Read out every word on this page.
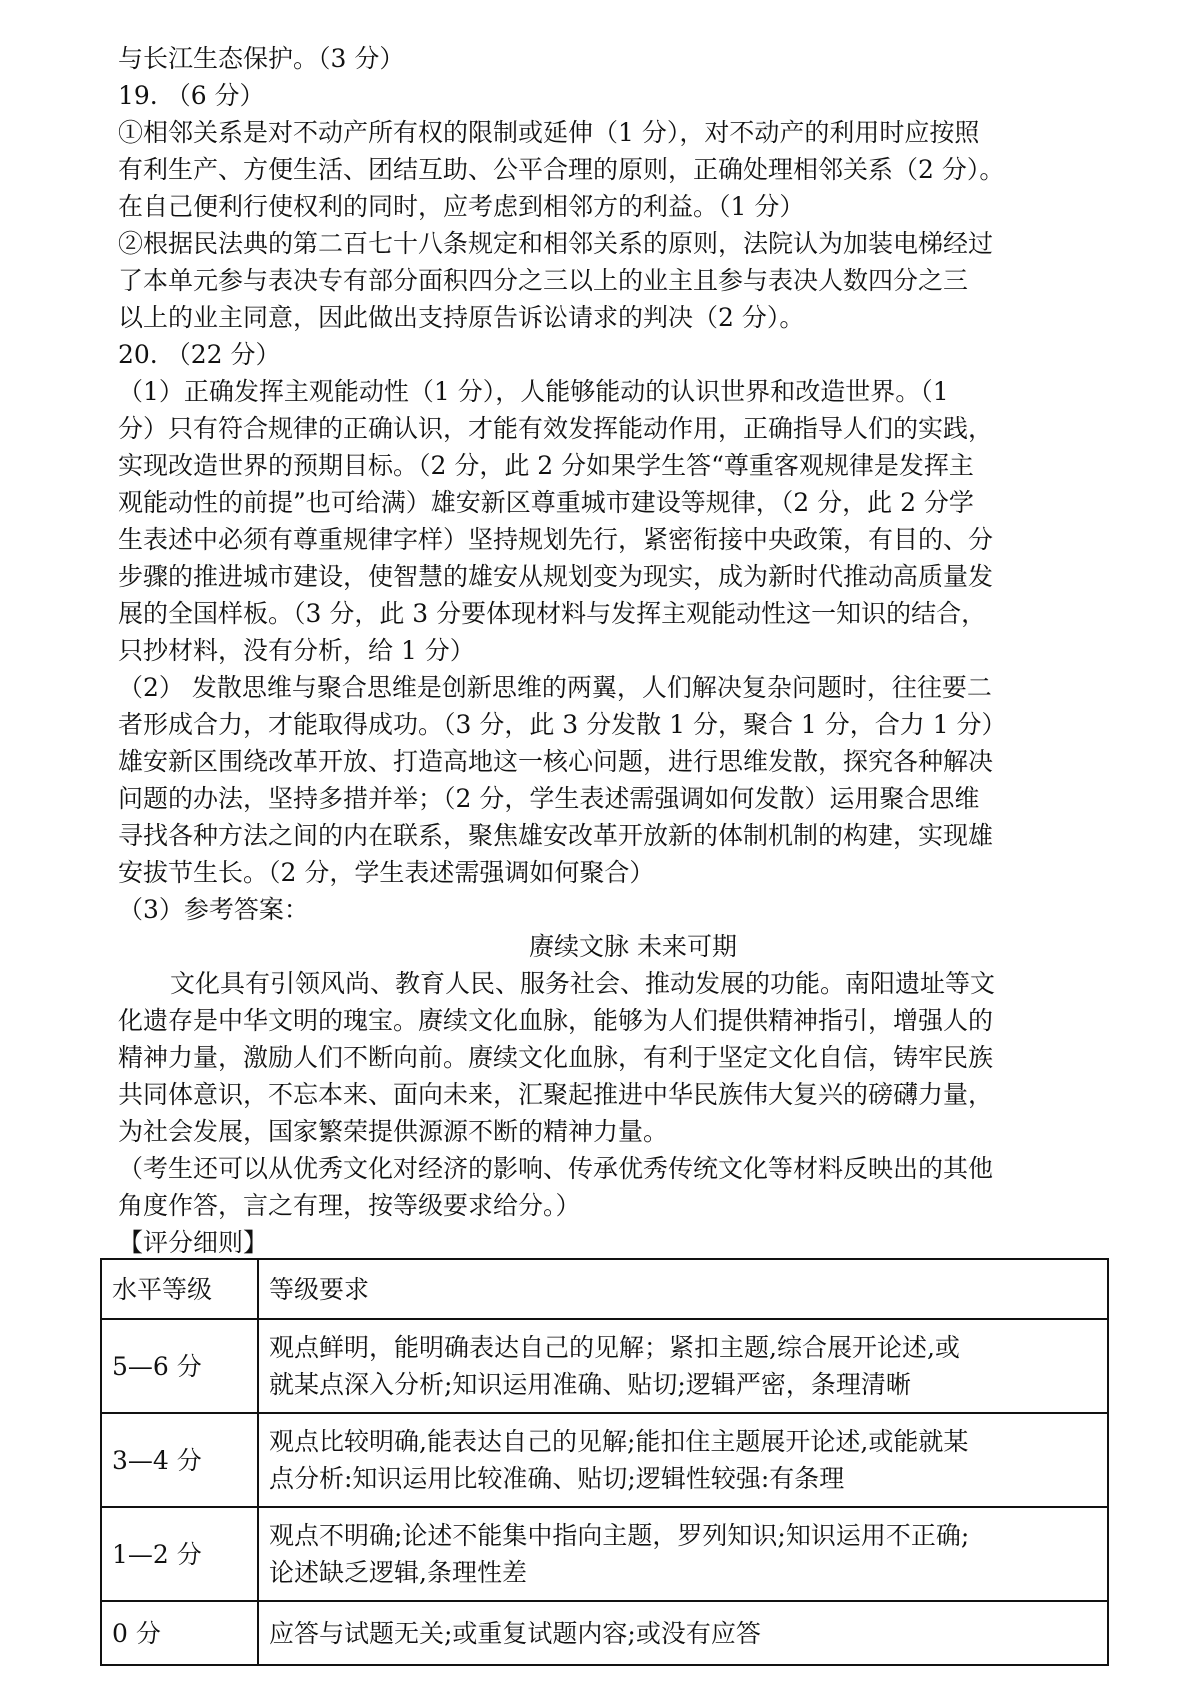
与长江生态保护。（3 分）
19. （6 分）
①相邻关系是对不动产所有权的限制或延伸（1 分），对不动产的利用时应按照
有利生产、方便生活、团结互助、公平合理的原则，正确处理相邻关系（2 分）。
在自己便利行使权利的同时，应考虑到相邻方的利益。（1 分）
②根据民法典的第二百七十八条规定和相邻关系的原则，法院认为加装电梯经过
了本单元参与表决专有部分面积四分之三以上的业主且参与表决人数四分之三
以上的业主同意，因此做出支持原告诉讼请求的判决（2 分）。
20. （22 分）
（1）正确发挥主观能动性（1 分），人能够能动的认识世界和改造世界。（1
分）只有符合规律的正确认识，才能有效发挥能动作用，正确指导人们的实践，
实现改造世界的预期目标。（2 分，此 2 分如果学生答“尊重客观规律是发挥主
观能动性的前提”也可给满）雄安新区尊重城市建设等规律，（2 分，此 2 分学
生表述中必须有尊重规律字样）坚持规划先行，紧密衔接中央政策，有目的、分
步骤的推进城市建设，使智慧的雄安从规划变为现实，成为新时代推动高质量发
展的全国样板。（3 分，此 3 分要体现材料与发挥主观能动性这一知识的结合，
只抄材料，没有分析，给 1 分）
（2） 发散思维与聚合思维是创新思维的两翼，人们解决复杂问题时，往往要二
者形成合力，才能取得成功。（3 分，此 3 分发散 1 分，聚合 1 分，合力 1 分）
雄安新区围绕改革开放、打造高地这一核心问题，进行思维发散，探究各种解决
问题的办法，坚持多措并举；（2 分，学生表述需强调如何发散）运用聚合思维
寻找各种方法之间的内在联系，聚焦雄安改革开放新的体制机制的构建，实现雄
安拔节生长。（2 分，学生表述需强调如何聚合）
（3）参考答案：
赓续文脉 未来可期
文化具有引领风尚、教育人民、服务社会、推动发展的功能。南阳遗址等文
化遗存是中华文明的瑰宝。赓续文化血脉，能够为人们提供精神指引，增强人的
精神力量，激励人们不断向前。赓续文化血脉，有利于坚定文化自信，铸牢民族
共同体意识，不忘本来、面向未来，汇聚起推进中华民族伟大复兴的磅礴力量，
为社会发展，国家繁荣提供源源不断的精神力量。
（考生还可以从优秀文化对经济的影响、传承优秀传统文化等材料反映出的其他
角度作答，言之有理，按等级要求给分。）
【评分细则】
水平等级	等级要求
5—6 分	观点鲜明，能明确表达自己的见解；紧扣主题,综合展开论述,或
就某点深入分析;知识运用准确、贴切;逻辑严密，条理清晰

3—4 分	观点比较明确,能表达自己的见解;能扣住主题展开论述,或能就某
点分析:知识运用比较准确、贴切;逻辑性较强:有条理

1—2 分	观点不明确;论述不能集中指向主题，罗列知识;知识运用不正确;
论述缺乏逻辑,条理性差

0 分	应答与试题无关;或重复试题内容;或没有应答
